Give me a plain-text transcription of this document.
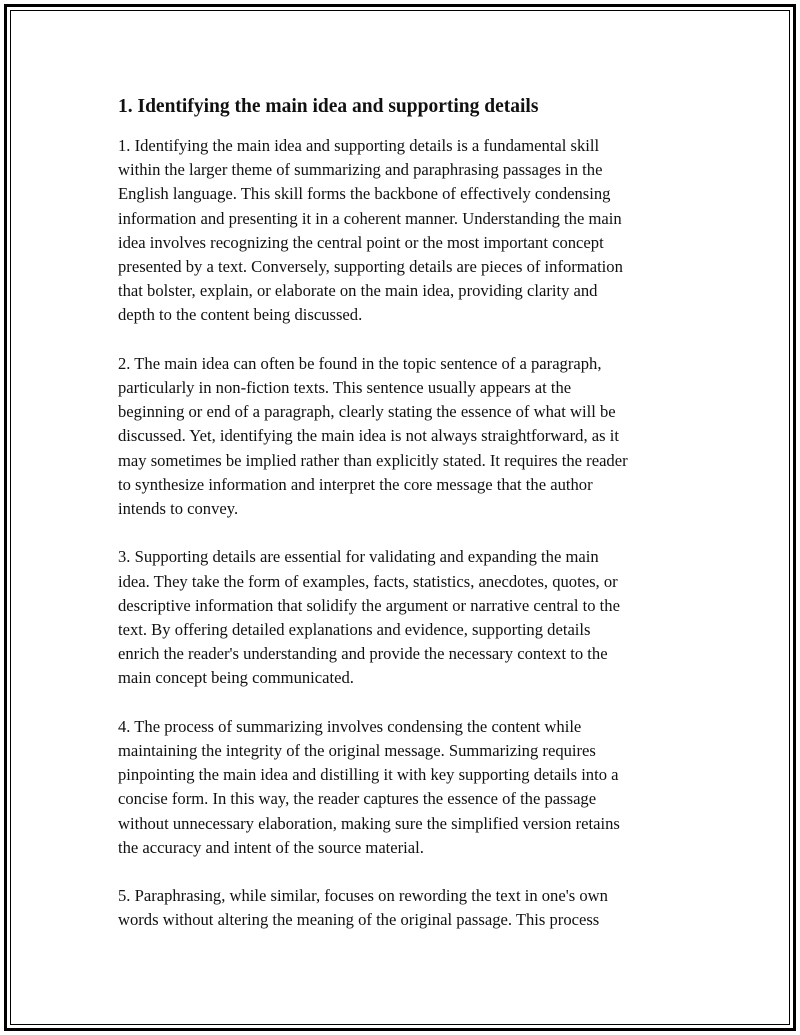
1. Identifying the main idea and supporting details

1. Identifying the main idea and supporting details is a fundamental skill
within the larger theme of summarizing and paraphrasing passages in the
English language. This skill forms the backbone of effectively condensing
information and presenting it in a coherent manner. Understanding the main
idea involves recognizing the central point or the most important concept
presented by a text. Conversely, supporting details are pieces of information
that bolster, explain, or elaborate on the main idea, providing clarity and
depth to the content being discussed.

2. The main idea can often be found in the topic sentence of a paragraph,
particularly in non-fiction texts. This sentence usually appears at the
beginning or end of a paragraph, clearly stating the essence of what will be
discussed. Yet, identifying the main idea is not always straightforward, as it
may sometimes be implied rather than explicitly stated. It requires the reader
to synthesize information and interpret the core message that the author
intends to convey.

3. Supporting details are essential for validating and expanding the main
idea. They take the form of examples, facts, statistics, anecdotes, quotes, or
descriptive information that solidify the argument or narrative central to the
text. By offering detailed explanations and evidence, supporting details
enrich the reader's understanding and provide the necessary context to the
main concept being communicated.

4. The process of summarizing involves condensing the content while
maintaining the integrity of the original message. Summarizing requires
pinpointing the main idea and distilling it with key supporting details into a
concise form. In this way, the reader captures the essence of the passage
without unnecessary elaboration, making sure the simplified version retains
the accuracy and intent of the source material.

5. Paraphrasing, while similar, focuses on rewording the text in one's own
words without altering the meaning of the original passage. This process
